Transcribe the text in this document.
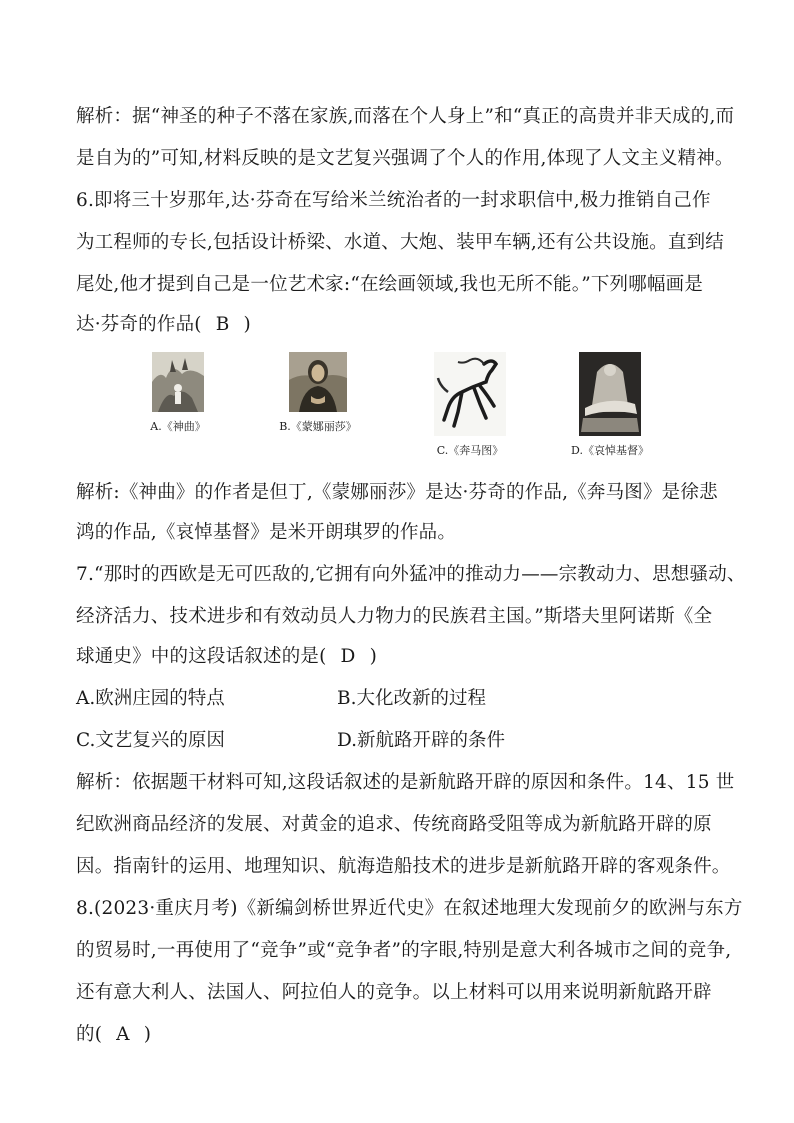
解析：据“神圣的种子不落在家族,而落在个人身上”和“真正的高贵并非天成的,而
是自为的”可知,材料反映的是文艺复兴强调了个人的作用,体现了人文主义精神。
6.即将三十岁那年,达·芬奇在写给米兰统治者的一封求职信中,极力推销自己作
为工程师的专长,包括设计桥梁、水道、大炮、装甲车辆,还有公共设施。直到结
尾处,他才提到自己是一位艺术家:“在绘画领域,我也无所不能。”下列哪幅画是
达·芬奇的作品( B )
A.《神曲》	B.《蒙娜丽莎》
C.《奔马图》	D.《哀悼基督》
解析:《神曲》的作者是但丁,《蒙娜丽莎》是达·芬奇的作品,《奔马图》是徐悲
鸿的作品,《哀悼基督》是米开朗琪罗的作品。
7.“那时的西欧是无可匹敌的,它拥有向外猛冲的推动力——宗教动力、思想骚动、
经济活力、技术进步和有效动员人力物力的民族君主国。”斯塔夫里阿诺斯《全
球通史》中的这段话叙述的是( D )
A.欧洲庄园的特点	B.大化改新的过程
C.文艺复兴的原因	D.新航路开辟的条件
解析：依据题干材料可知,这段话叙述的是新航路开辟的原因和条件。14、15 世
纪欧洲商品经济的发展、对黄金的追求、传统商路受阻等成为新航路开辟的原
因。指南针的运用、地理知识、航海造船技术的进步是新航路开辟的客观条件。
8.(2023·重庆月考)《新编剑桥世界近代史》在叙述地理大发现前夕的欧洲与东方
的贸易时,一再使用了“竞争”或“竞争者”的字眼,特别是意大利各城市之间的竞争,
还有意大利人、法国人、阿拉伯人的竞争。以上材料可以用来说明新航路开辟
的( A )
